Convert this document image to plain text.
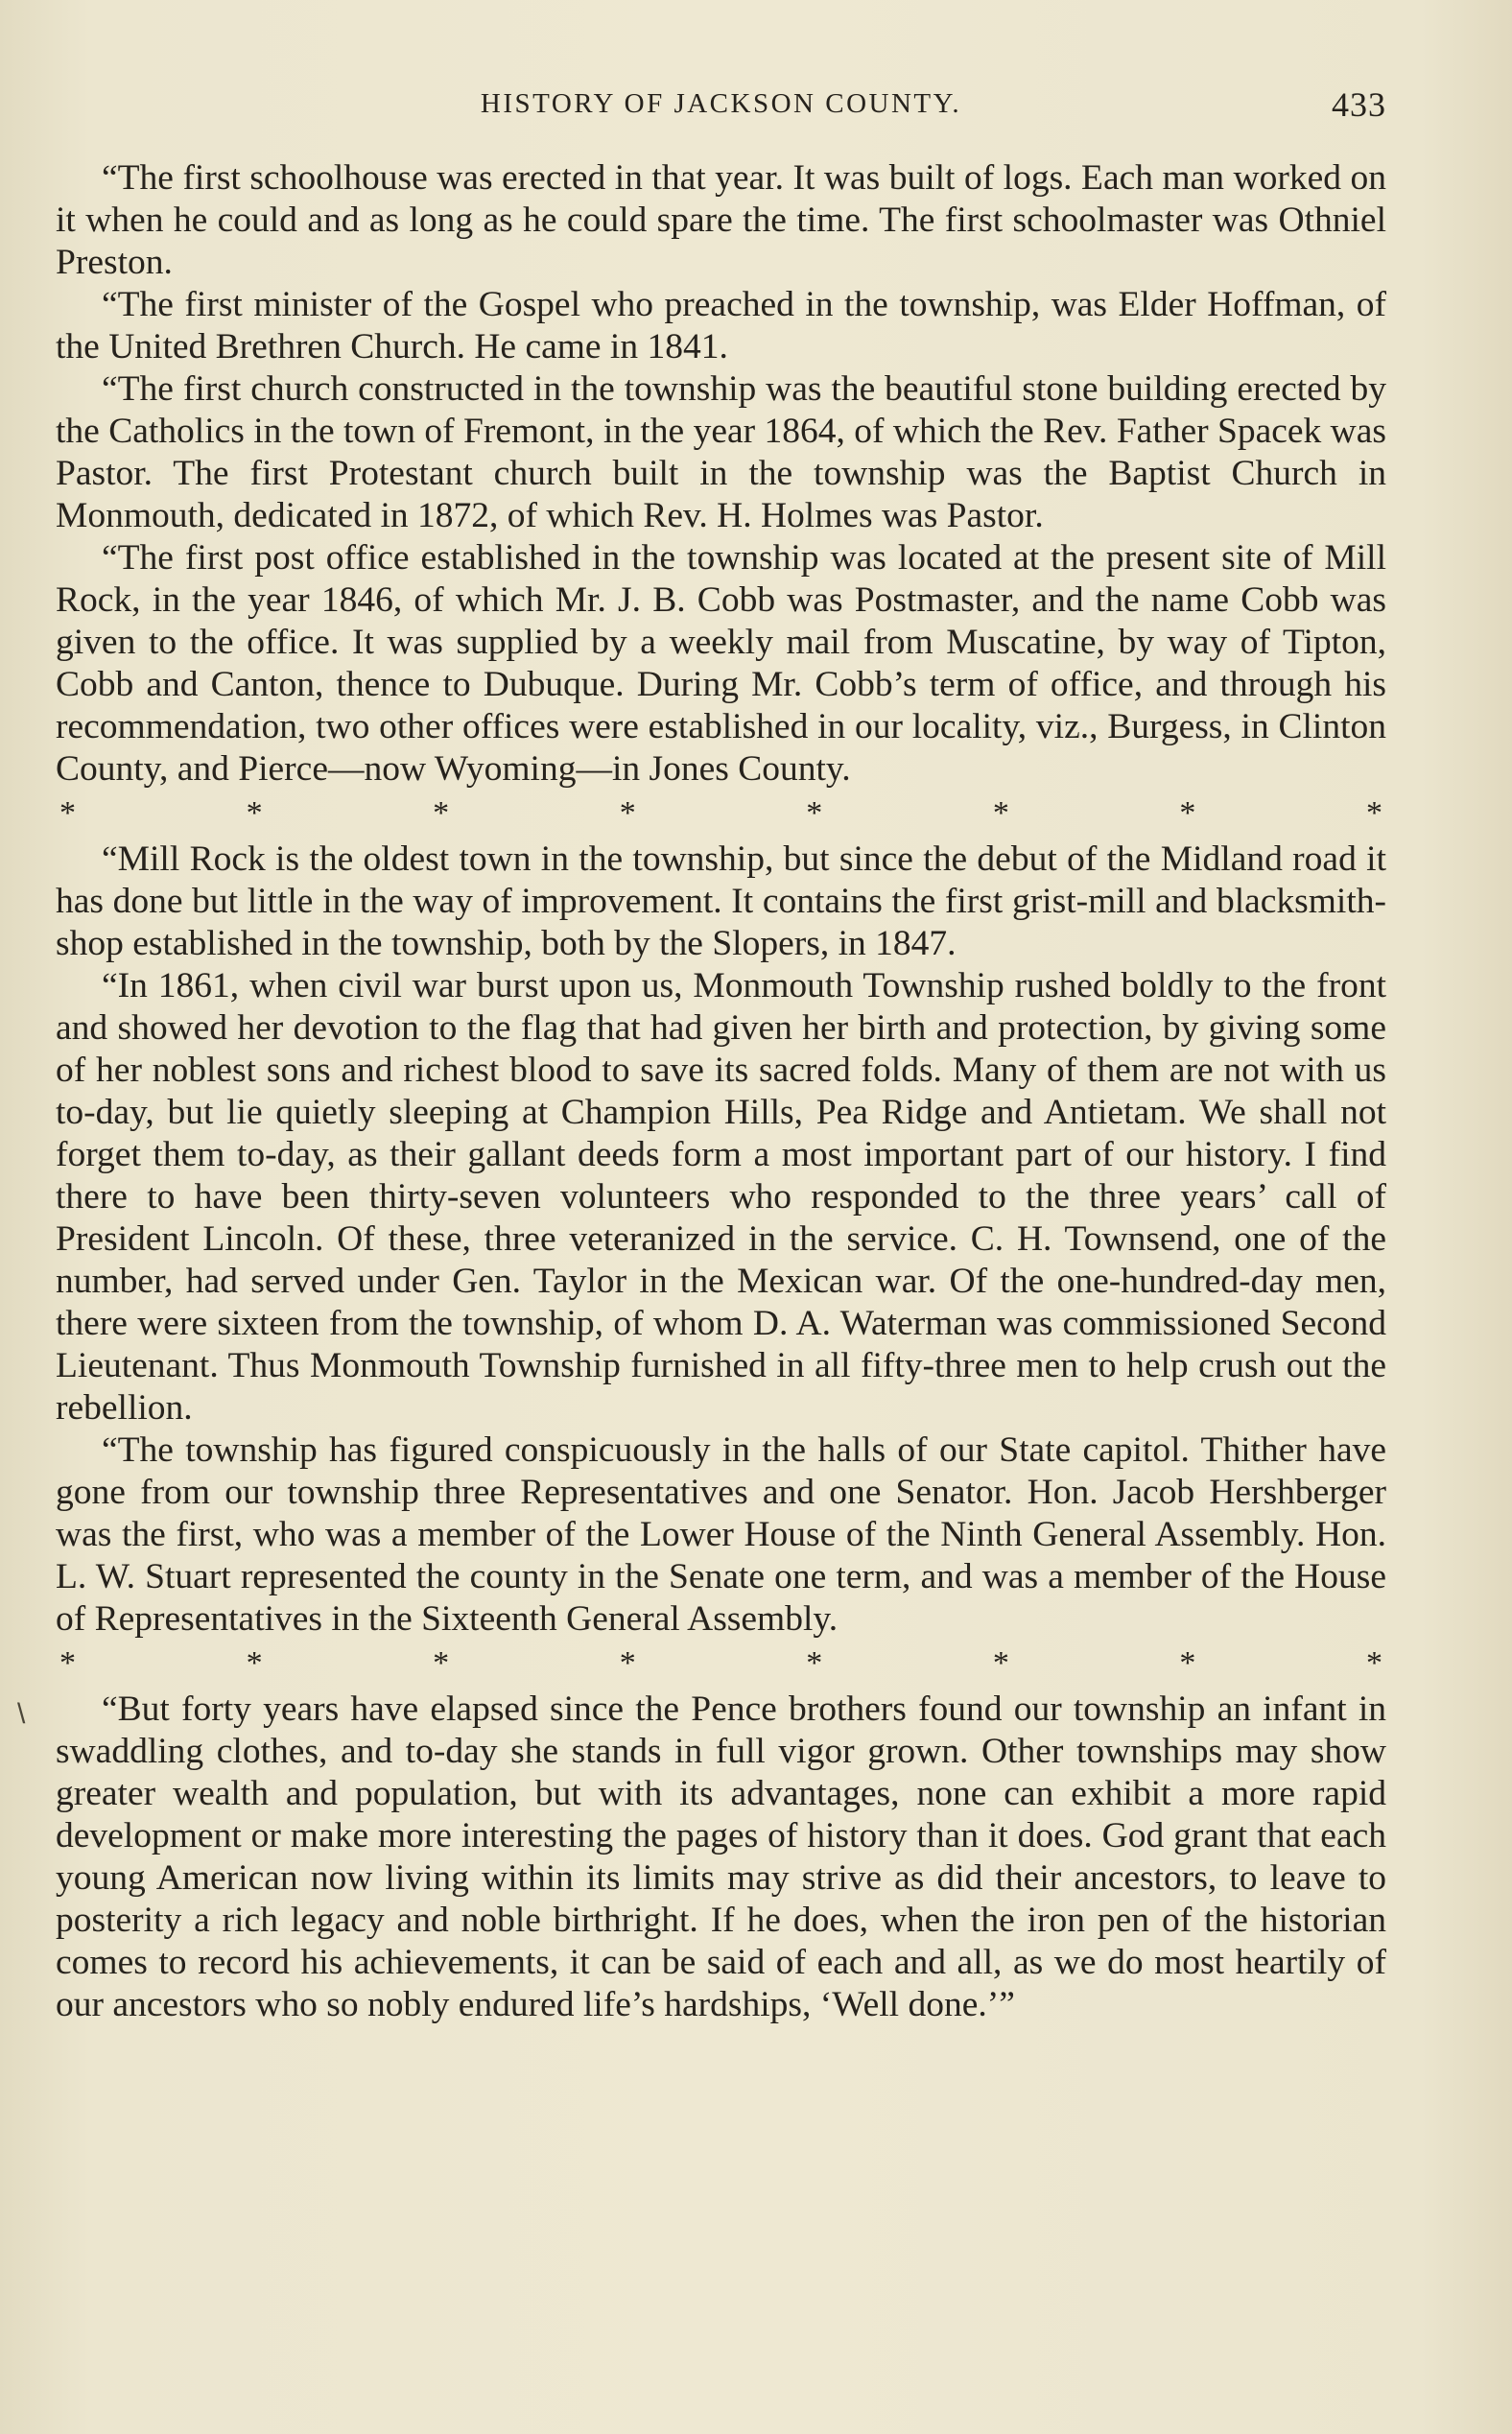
HISTORY OF JACKSON COUNTY.	433
\

“The first schoolhouse was erected in that year. It was built of logs. Each man worked on it when he could and as long as he could spare the time. The first schoolmaster was Othniel Preston.

“The first minister of the Gospel who preached in the township, was Elder Hoffman, of the United Brethren Church. He came in 1841.

“The first church constructed in the township was the beautiful stone building erected by the Catholics in the town of Fremont, in the year 1864, of which the Rev. Father Spacek was Pastor. The first Protestant church built in the township was the Baptist Church in Monmouth, dedicated in 1872, of which Rev. H. Holmes was Pastor.

“The first post office established in the township was located at the present site of Mill Rock, in the year 1846, of which Mr. J. B. Cobb was Postmaster, and the name Cobb was given to the office. It was supplied by a weekly mail from Muscatine, by way of Tipton, Cobb and Canton, thence to Dubuque. During Mr. Cobb’s term of office, and through his recommendation, two other offices were established in our locality, viz., Burgess, in Clinton County, and Pierce—now Wyoming—in Jones County.

*	*	*	*	*	*	*	*

“Mill Rock is the oldest town in the township, but since the debut of the Midland road it has done but little in the way of improvement. It contains the first grist-mill and blacksmith-shop established in the township, both by the Slopers, in 1847.

“In 1861, when civil war burst upon us, Monmouth Township rushed boldly to the front and showed her devotion to the flag that had given her birth and protection, by giving some of her noblest sons and richest blood to save its sacred folds. Many of them are not with us to-day, but lie quietly sleeping at Champion Hills, Pea Ridge and Antietam. We shall not forget them to-day, as their gallant deeds form a most important part of our history. I find there to have been thirty-seven volunteers who responded to the three years’ call of President Lincoln. Of these, three veteranized in the service. C. H. Townsend, one of the number, had served under Gen. Taylor in the Mexican war. Of the one-hundred-day men, there were sixteen from the township, of whom D. A. Waterman was commissioned Second Lieutenant. Thus Monmouth Township furnished in all fifty-three men to help crush out the rebellion.

“The township has figured conspicuously in the halls of our State capitol. Thither have gone from our township three Representatives and one Senator. Hon. Jacob Hershberger was the first, who was a member of the Lower House of the Ninth General Assembly. Hon. L. W. Stuart represented the county in the Senate one term, and was a member of the House of Representatives in the Sixteenth General Assembly.

*	*	*	*	*	*	*	*

“But forty years have elapsed since the Pence brothers found our township an infant in swaddling clothes, and to-day she stands in full vigor grown. Other townships may show greater wealth and population, but with its advantages, none can exhibit a more rapid development or make more interesting the pages of history than it does. God grant that each young American now living within its limits may strive as did their ancestors, to leave to posterity a rich legacy and noble birthright. If he does, when the iron pen of the historian comes to record his achievements, it can be said of each and all, as we do most heartily of our ancestors who so nobly endured life’s hardships, ‘Well done.’”
